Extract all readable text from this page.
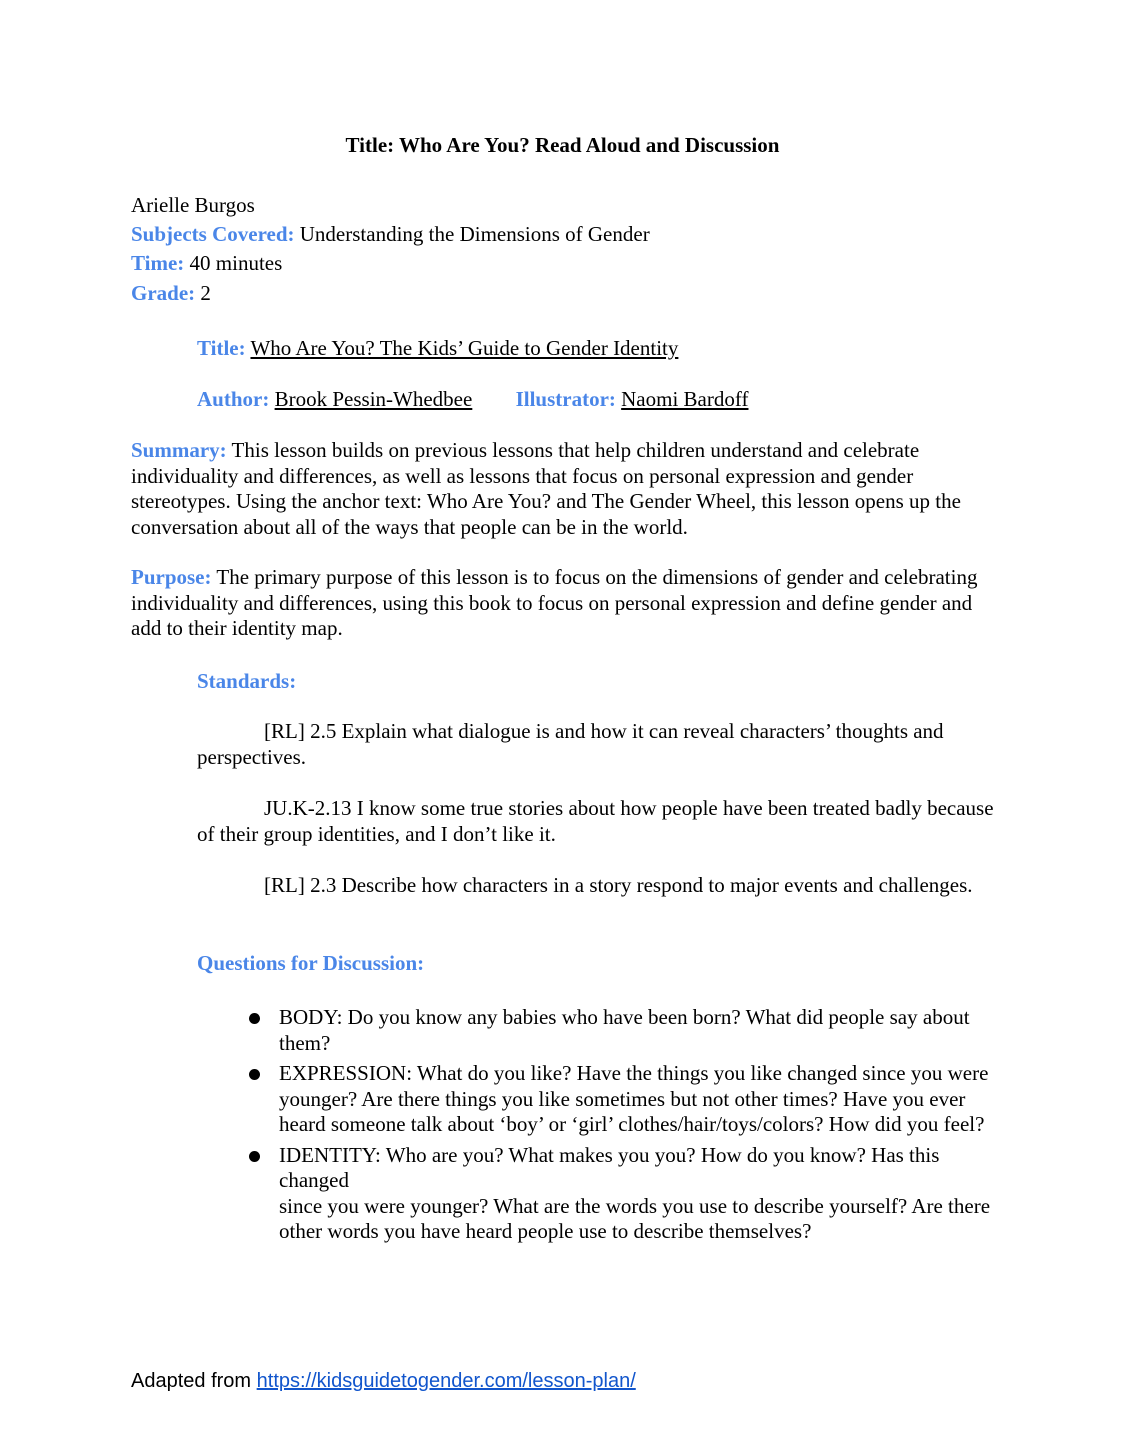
Title: Who Are You? Read Aloud and Discussion
Arielle Burgos
Subjects Covered: Understanding the Dimensions of Gender
Time: 40 minutes
Grade: 2
Title: Who Are You? The Kids’ Guide to Gender Identity
Author: Brook Pessin-Whedbee Illustrator: Naomi Bardoff
Summary: This lesson builds on previous lessons that help children understand and celebrate individuality and differences, as well as lessons that focus on personal expression and gender stereotypes. Using the anchor text: Who Are You? and The Gender Wheel, this lesson opens up the conversation about all of the ways that people can be in the world.
Purpose: The primary purpose of this lesson is to focus on the dimensions of gender and celebrating individuality and differences, using this book to focus on personal expression and define gender and add to their identity map.
Standards:
[RL] 2.5 Explain what dialogue is and how it can reveal characters’ thoughts and perspectives.
JU.K-2.13 I know some true stories about how people have been treated badly because of their group identities, and I don’t like it.
[RL] 2.3 Describe how characters in a story respond to major events and challenges.
Questions for Discussion:
BODY: Do you know any babies who have been born? What did people say about them?
EXPRESSION: What do you like? Have the things you like changed since you were younger? Are there things you like sometimes but not other times? Have you ever heard someone talk about ‘boy’ or ‘girl’ clothes/hair/toys/colors? How did you feel?
IDENTITY: Who are you? What makes you you? How do you know? Has this changed
since you were younger? What are the words you use to describe yourself? Are there other words you have heard people use to describe themselves?
Adapted from https://kidsguidetogender.com/lesson-plan/
